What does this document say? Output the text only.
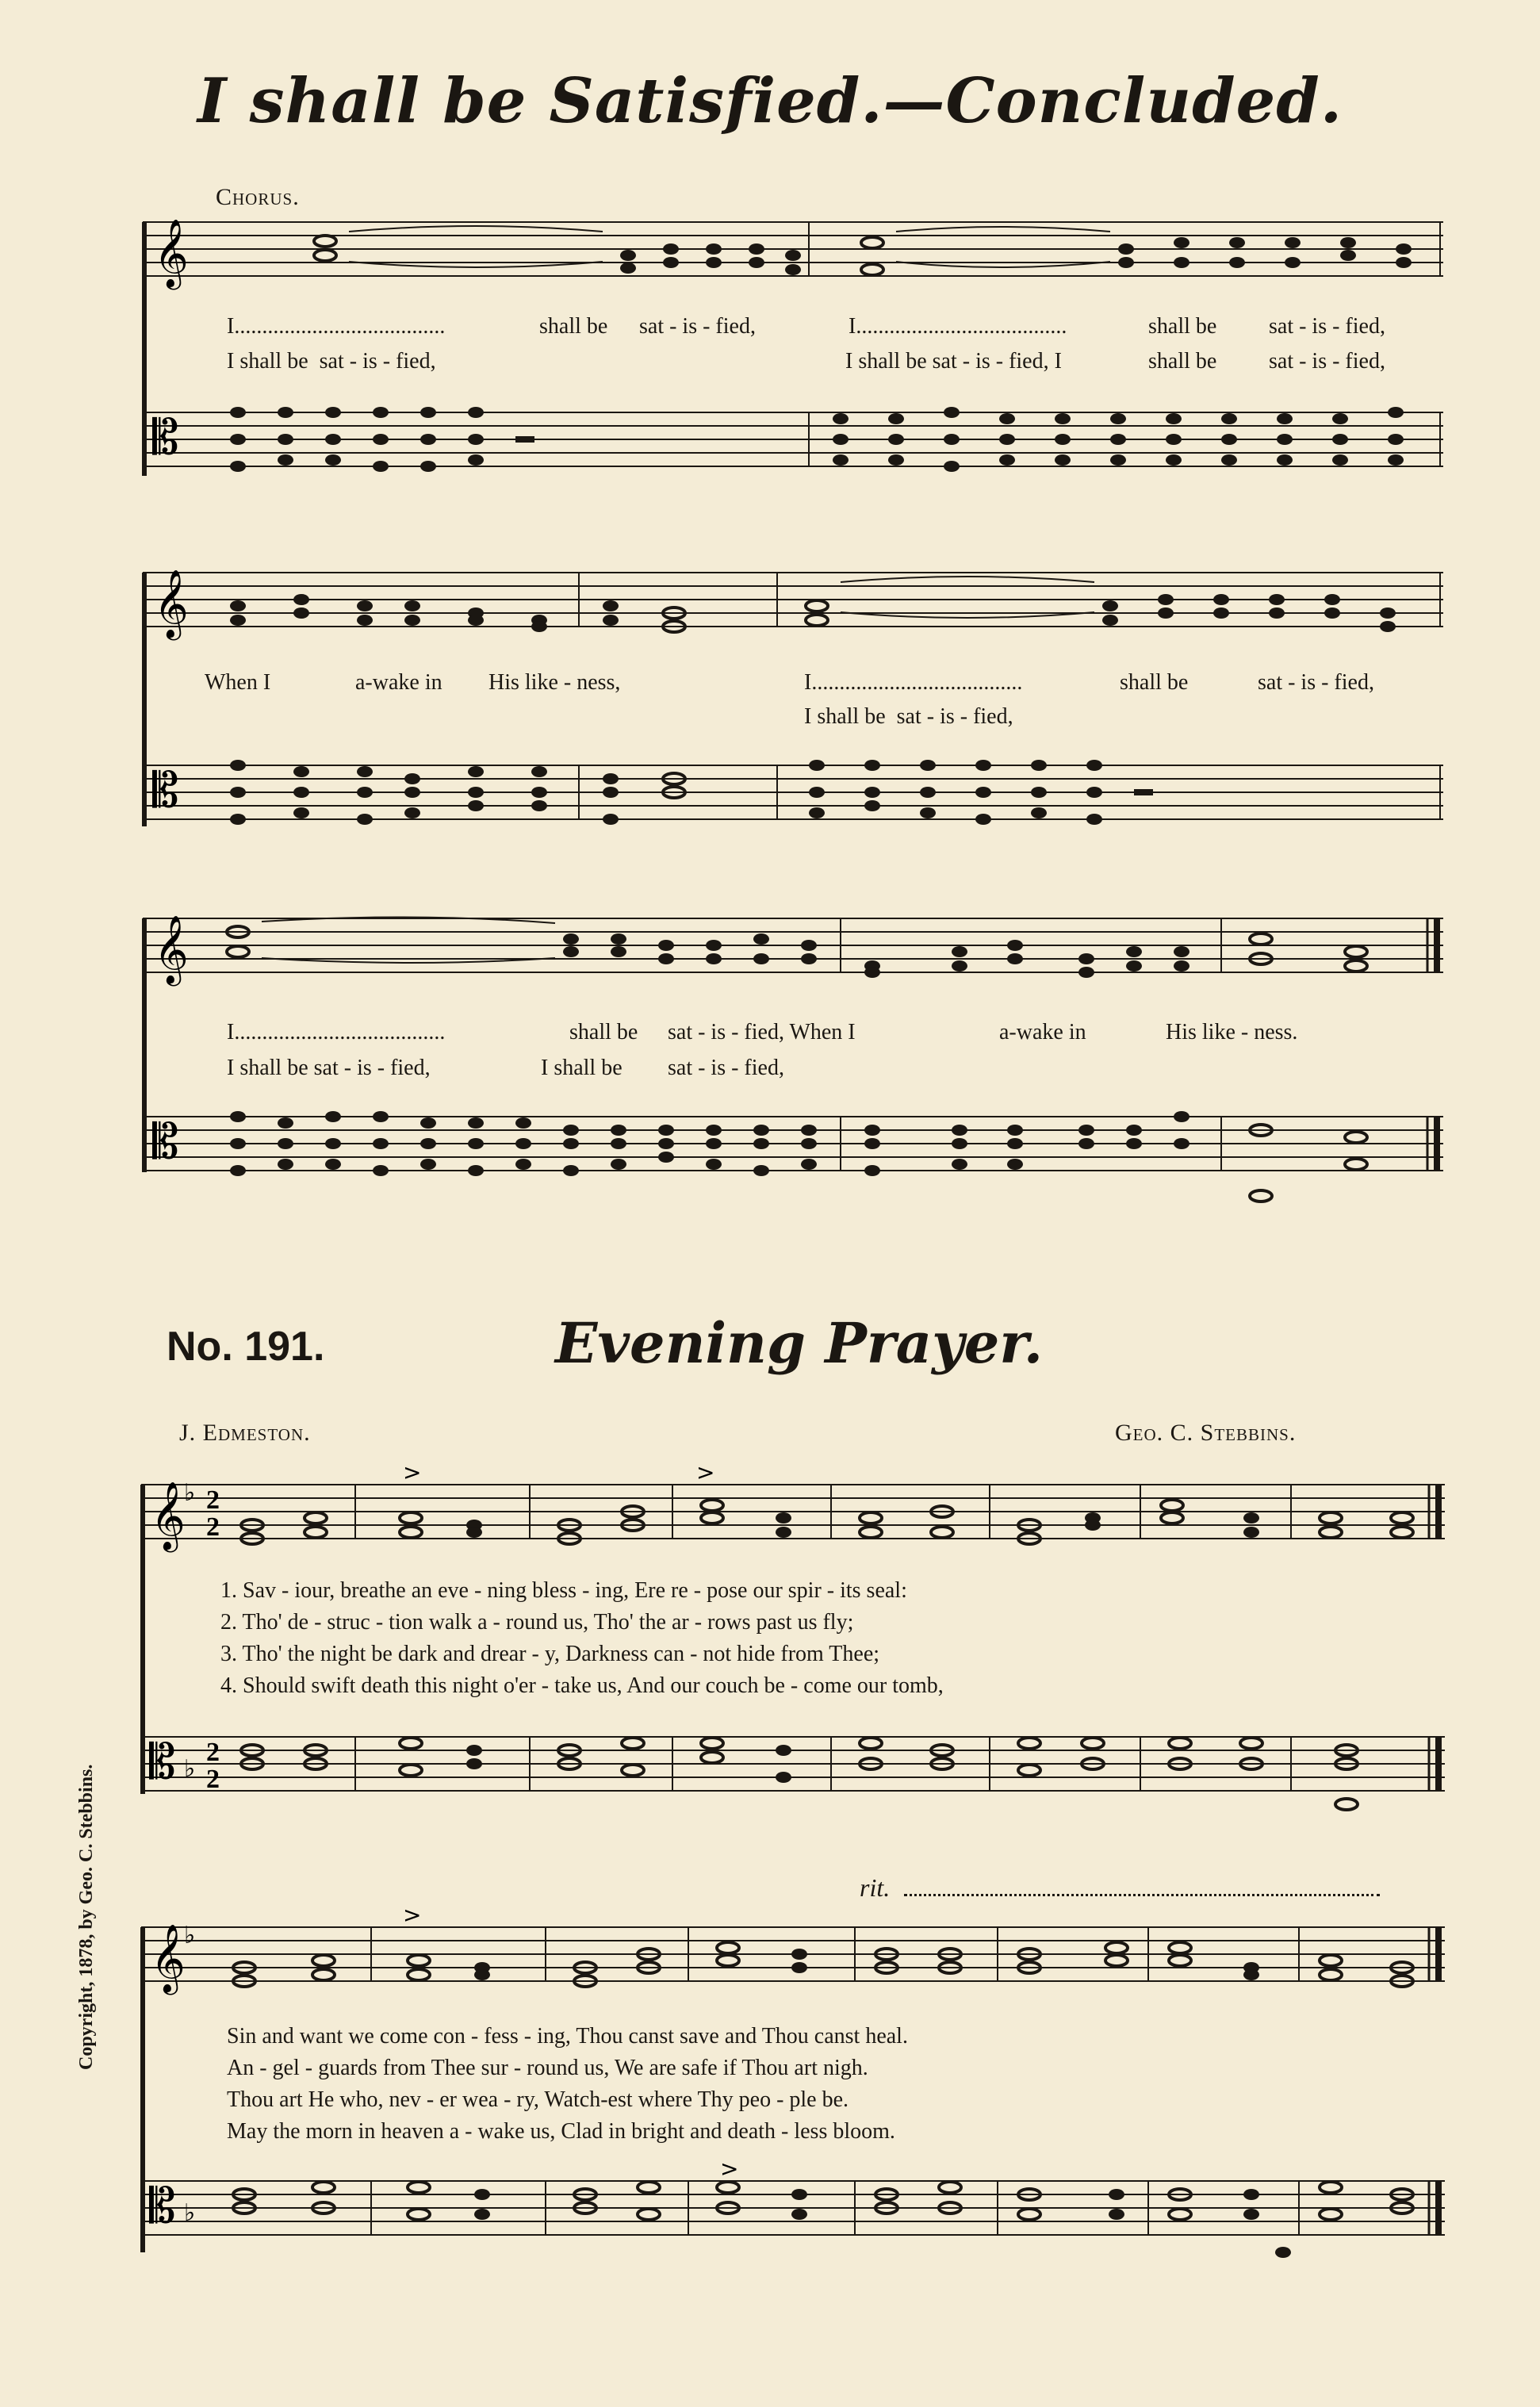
I shall be Satisfied.—Concluded.
Chorus.
𝄞
I......................................	shall be sat - is - fied,	I......................................	shall be sat - is - fied,
I shall be  sat - is - fied,	I shall be sat - is - fied, I	shall be sat - is - fied,
𝄡
𝄞
When I	a-wake in His like - ness,	I......................................	shall be	sat - is - fied,
I shall be  sat - is - fied,
𝄡
𝄞
I......................................	shall be sat - is - fied, When I	a-wake in	His like - ness.
I shall be sat - is - fied,	I shall be sat - is - fied,
𝄡
No. 191.	Evening Prayer.
J. Edmeston.	Geo. C. Stebbins.
Copyright, 1878, by Geo. C. Stebbins.
𝄞
♭ 2
2
>
>
1. Sav - iour, breathe an eve - ning bless - ing, Ere re - pose our spir - its seal:
2. Tho' de - struc - tion walk a - round us, Tho' the ar - rows past us fly;
3. Tho' the night be dark and drear - y, Darkness can - not hide from Thee;
4. Should swift death this night o'er - take us, And our couch be - come our tomb,
𝄡 ♭
2
2
rit.
𝄞
♭
>
Sin and want we come con - fess - ing, Thou canst save and Thou canst heal.
An - gel - guards from Thee sur - round us, We are safe if Thou art nigh.
Thou art He who, nev - er wea - ry, Watch-est where Thy peo - ple be.
May the morn in heaven a - wake us, Clad in bright and death - less bloom.
𝄡 ♭
>
